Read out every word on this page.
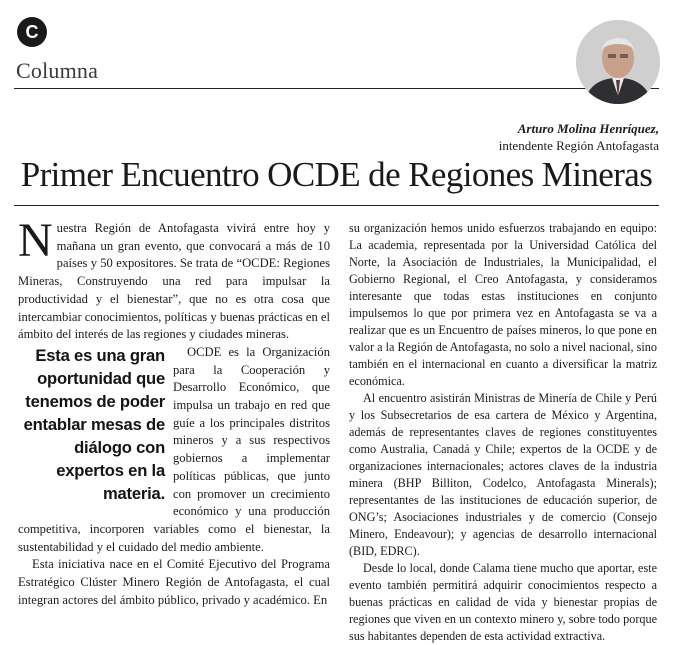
C
Columna
Arturo Molina Henríquez,
intendente Región Antofagasta
Primer Encuentro OCDE de Regiones Mineras

N uestra Región de Antofagasta vivirá entre hoy y mañana un gran evento, que convocará a más de 10 países y 50 expositores. Se trata de “OCDE: Regiones Mineras, Construyendo una red para impulsar la productividad y el bienestar”, que no es otra cosa que intercambiar conocimientos, políticas y buenas prácticas en el ámbito del interés de las regiones y ciudades mineras.

Esta es una gran oportunidad que tenemos de poder entablar mesas de diálogo con expertos en la materia.

OCDE es la Organización para la Cooperación y Desarrollo Económico, que impulsa un trabajo en red que guíe a los principales distritos mineros y a sus respectivos gobiernos a implementar políticas públicas, que junto con promover un crecimiento económico y una producción competitiva, incorporen variables como el bienestar, la sustentabilidad y el cuidado del medio ambiente.

Esta iniciativa nace en el Comité Ejecutivo del Programa Estratégico Clúster Minero Región de Antofagasta, el cual integran actores del ámbito público, privado y académico. En

su organización hemos unido esfuerzos trabajando en equipo: La academia, representada por la Universidad Católica del Norte, la Asociación de Industriales, la Municipalidad, el Gobierno Regional, el Creo Antofagasta, y consideramos interesante que todas estas instituciones en conjunto impulsemos lo que por primera vez en Antofagasta se va a realizar que es un Encuentro de países mineros, lo que pone en valor a la Región de Antofagasta, no solo a nivel nacional, sino también en el internacional en cuanto a diversificar la matriz económica.

Al encuentro asistirán Ministras de Minería de Chile y Perú y los Subsecretarios de esa cartera de México y Argentina, además de representantes claves de regiones constituyentes como Australia, Canadá y Chile; expertos de la OCDE y de organizaciones internacionales; actores claves de la industria minera (BHP Billiton, Codelco, Antofagasta Minerals); representantes de las instituciones de educación superior, de ONG’s; Asociaciones industriales y de comercio (Consejo Minero, Endeavour); y agencias de desarrollo internacional (BID, EDRC).

Desde lo local, donde Calama tiene mucho que aportar, este evento también permitirá adquirir conocimientos respecto a buenas prácticas en calidad de vida y bienestar propias de regiones que viven en un contexto minero y, sobre todo porque sus habitantes dependen de esta actividad extractiva.
